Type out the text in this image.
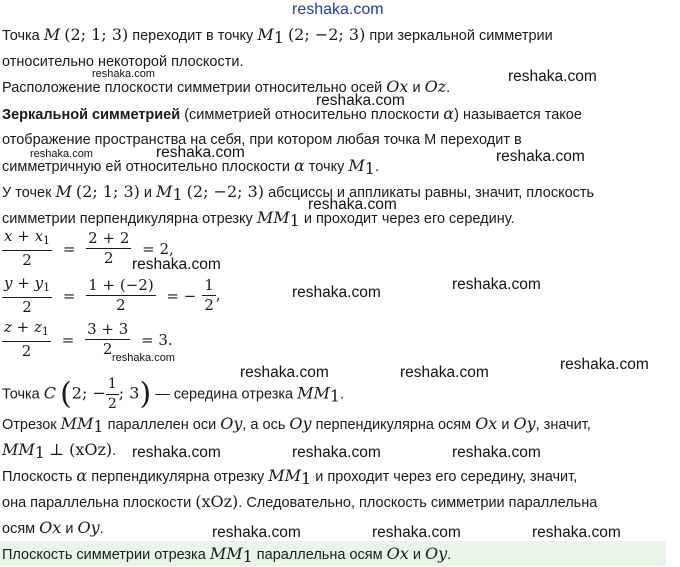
reshaka.com
Точка M (2; 1; 3) переходит в точку $M_1$ (2; −2; 3) при зеркальной симметрии
относительно некоторой плоскости.
Расположение плоскости симметрии относительно осей Ox и Oz.
Зеркальной симметрией (симметрией относительно плоскости α) называется такое
отображение пространства на себя, при котором любая точка M переходит в
симметричную ей относительно плоскости α точку $M_1$.
У точек M (2; 1; 3) и $M_1$ (2; −2; 3) абсциссы и аппликаты равны, значит, плоскость
симметрии перпендикулярна отрезку $MM_1$ и проходит через его середину.
$\frac{x + x_1}{2} = \frac{2 + 2}{2} = 2$,
$\frac{y + y_1}{2} = \frac{1 + (-2)}{2}$ = − $\frac{1}{2}$ ,
$\frac{z + z_1}{2} = \frac{3 + 3}{2} = 3$.
Точка C (2; − $\frac{1}{2}$ ; 3) — середина отрезка $MM_1$.
Отрезок $MM_1$ параллелен оси Oy, а ось Oy перпендикулярна осям Ox и Oy, значит,
$MM_1$ ⊥ (xOz).
Плоскость α перпендикулярна отрезку $MM_1$ и проходит через его середину, значит,
она параллельна плоскости (xOz). Следовательно, плоскость симметрии параллельна
осям Ox и Oy.
Плоскость симметрии отрезка $MM_1$ параллельна осям Ox и Oy.
reshaka.com	reshaka.com
reshaka.com
reshaka.com	reshaka.com	reshaka.com
reshaka.com
reshaka.com
reshaka.com	reshaka.com
reshaka.com
reshaka.com	reshaka.com	reshaka.com
reshaka.com	reshaka.com	reshaka.com
reshaka.com	reshaka.com	reshaka.com
